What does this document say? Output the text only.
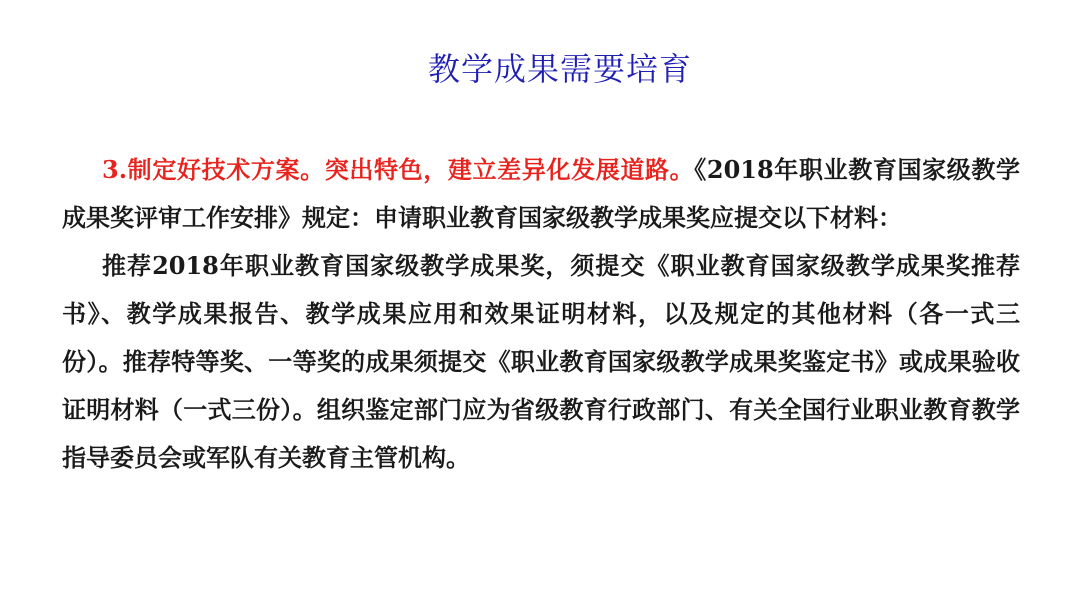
教学成果需要培育

3.制定好技术方案。突出特色，建立差异化发展道路。《2018年职业教育国家级教学成果奖评审工作安排》规定：申请职业教育国家级教学成果奖应提交以下材料：

推荐2018年职业教育国家级教学成果奖，须提交《职业教育国家级教学成果奖推荐书》、教学成果报告、教学成果应用和效果证明材料，以及规定的其他材料（各一式三份）。推荐特等奖、一等奖的成果须提交《职业教育国家级教学成果奖鉴定书》或成果验收证明材料（一式三份）。组织鉴定部门应为省级教育行政部门、有关全国行业职业教育教学指导委员会或军队有关教育主管机构。
